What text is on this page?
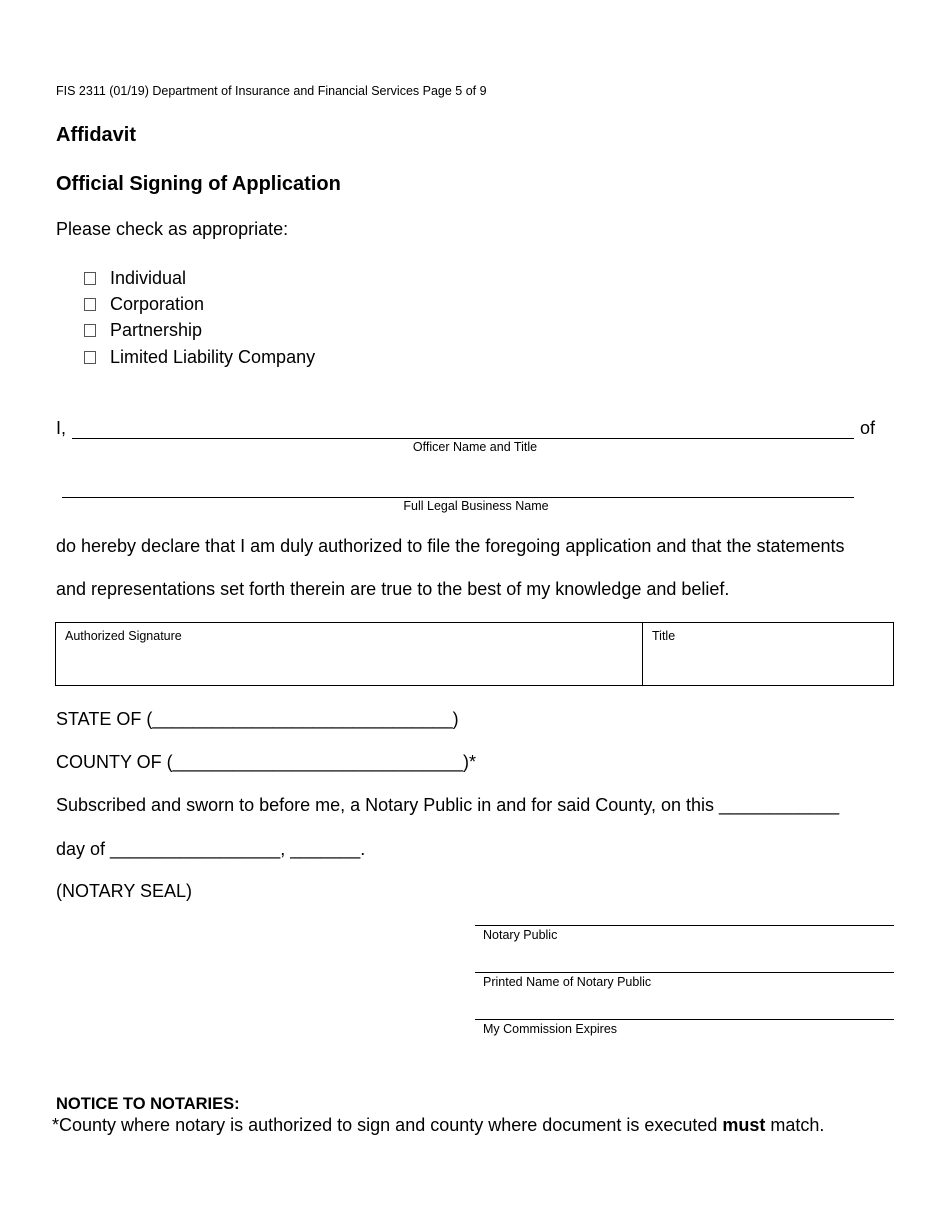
FIS 2311 (01/19) Department of Insurance and Financial Services Page 5 of 9
Affidavit
Official Signing of Application
Please check as appropriate:
Individual
Corporation
Partnership
Limited Liability Company
I,	of
Officer Name and Title
Full Legal Business Name
do hereby declare that I am duly authorized to file the foregoing application and that the statements
and representations set forth therein are true to the best of my knowledge and belief.
Authorized Signature	Title
STATE OF (______________________________)
COUNTY OF (_____________________________)*
Subscribed and sworn to before me, a Notary Public in and for said County, on this ____________
day of _________________, _______.
(NOTARY SEAL)
Notary Public
Printed Name of Notary Public
My Commission Expires
NOTICE TO NOTARIES:
*County where notary is authorized to sign and county where document is executed must match.
